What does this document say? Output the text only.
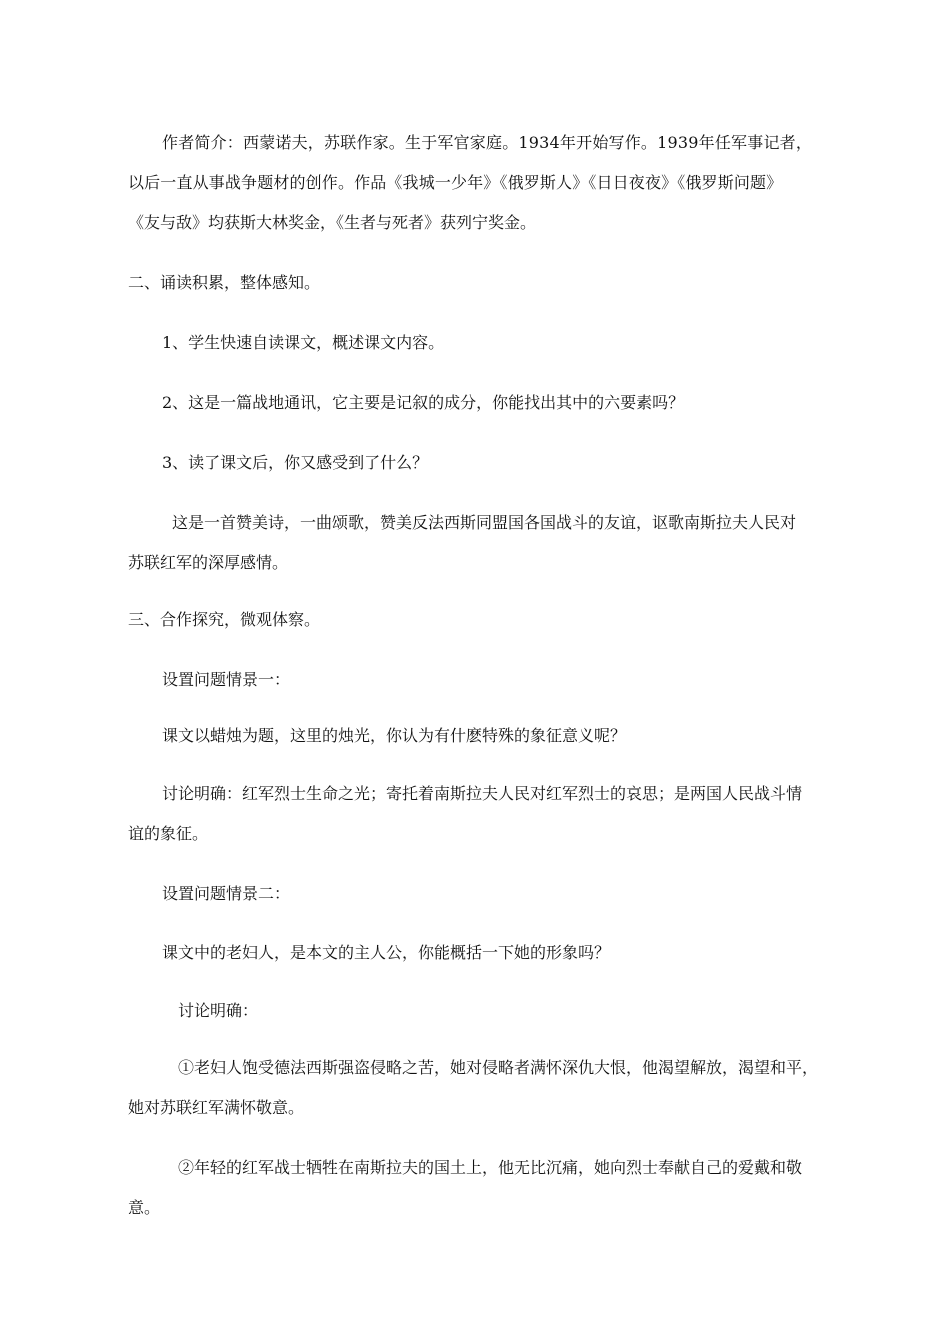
作者简介：西蒙诺夫，苏联作家。生于军官家庭。1934年开始写作。1939年任军事记者，

以后一直从事战争题材的创作。作品《我城一少年》《俄罗斯人》《日日夜夜》《俄罗斯问题》

《友与敌》均获斯大林奖金，《生者与死者》获列宁奖金。

二、诵读积累，整体感知。

1、学生快速自读课文，概述课文内容。

2、这是一篇战地通讯，它主要是记叙的成分，你能找出其中的六要素吗？

3、读了课文后，你又感受到了什么？

这是一首赞美诗，一曲颂歌，赞美反法西斯同盟国各国战斗的友谊，讴歌南斯拉夫人民对

苏联红军的深厚感情。

三、合作探究，微观体察。

设置问题情景一：

课文以蜡烛为题，这里的烛光，你认为有什麽特殊的象征意义呢？

讨论明确：红军烈士生命之光；寄托着南斯拉夫人民对红军烈士的哀思；是两国人民战斗情

谊的象征。

设置问题情景二：

课文中的老妇人，是本文的主人公，你能概括一下她的形象吗？

讨论明确：

①老妇人饱受德法西斯强盗侵略之苦，她对侵略者满怀深仇大恨，他渴望解放，渴望和平，

她对苏联红军满怀敬意。

②年轻的红军战士牺牲在南斯拉夫的国土上，他无比沉痛，她向烈士奉献自己的爱戴和敬

意。
